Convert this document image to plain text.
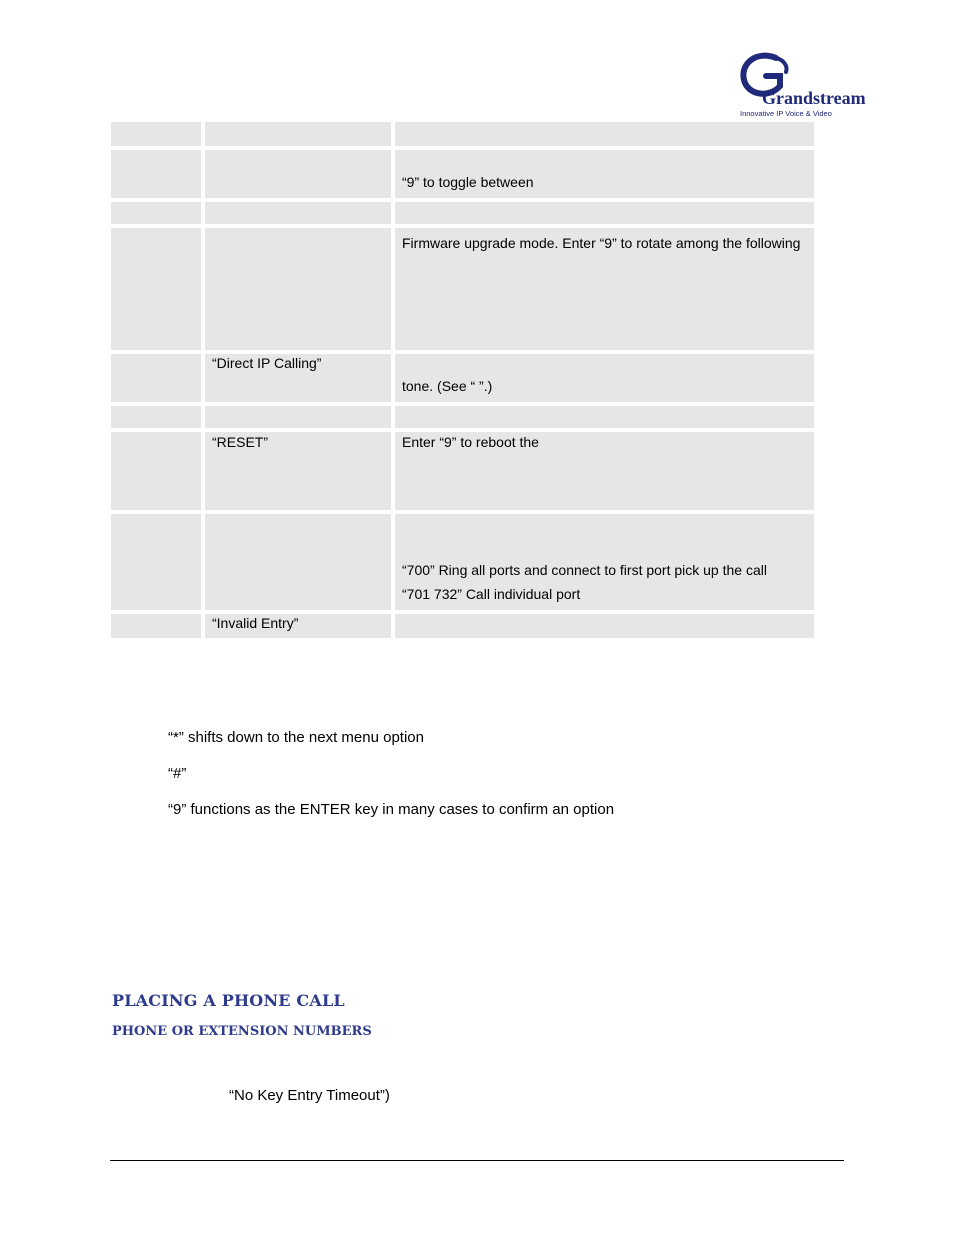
Grandstream
Innovative IP Voice & Video
“9” to toggle between
Firmware upgrade mode. Enter “9” to rotate among the following
“Direct IP Calling”
tone. (See “ ”.)
“RESET”	Enter “9” to reboot the
“700” Ring all ports and connect to first port pick up the call
“701 732” Call individual port
“Invalid Entry”
“*” shifts down to the next menu option
“#”
“9” functions as the ENTER key in many cases to confirm an option
PLACING A PHONE CALL
PHONE OR EXTENSION NUMBERS
“No Key Entry Timeout”)
